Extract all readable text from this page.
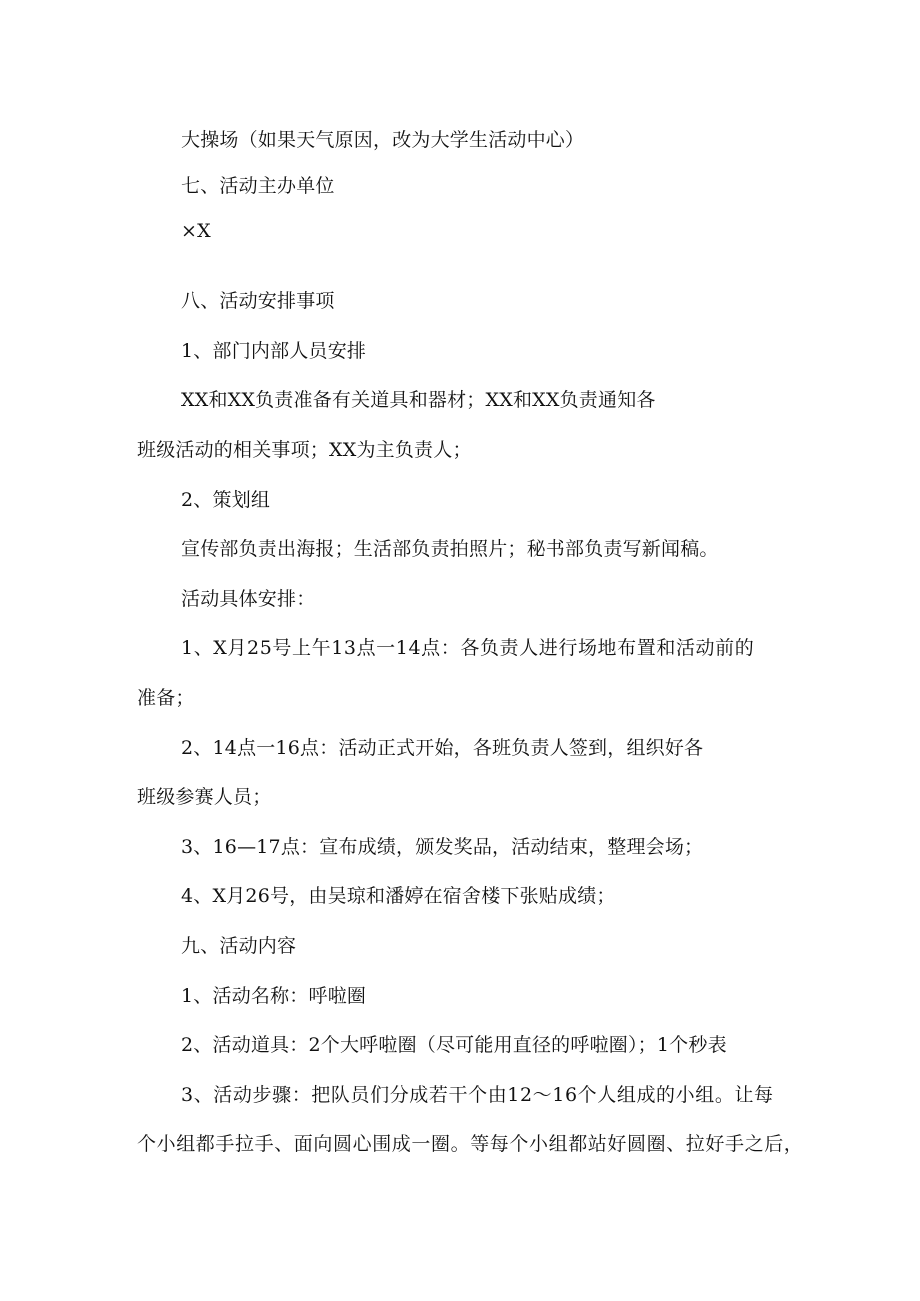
大操场（如果天气原因，改为大学生活动中心）
七、活动主办单位
×X
八、活动安排事项
1、部门内部人员安排
XX和XX负责准备有关道具和器材；XX和XX负责通知各
班级活动的相关事项；XX为主负责人；
2、策划组
宣传部负责出海报；生活部负责拍照片；秘书部负责写新闻稿。
活动具体安排：
1、X月25号上午13点一14点：各负责人进行场地布置和活动前的
准备；
2、14点一16点：活动正式开始，各班负责人签到，组织好各
班级参赛人员；
3、16—17点：宣布成绩，颁发奖品，活动结束，整理会场；
4、X月26号，由吴琼和潘婷在宿舍楼下张贴成绩；
九、活动内容
1、活动名称：呼啦圈
2、活动道具：2个大呼啦圈（尽可能用直径的呼啦圈）；1个秒表
3、活动步骤：把队员们分成若干个由12～16个人组成的小组。让每
个小组都手拉手、面向圆心围成一圈。等每个小组都站好圆圈、拉好手之后，
